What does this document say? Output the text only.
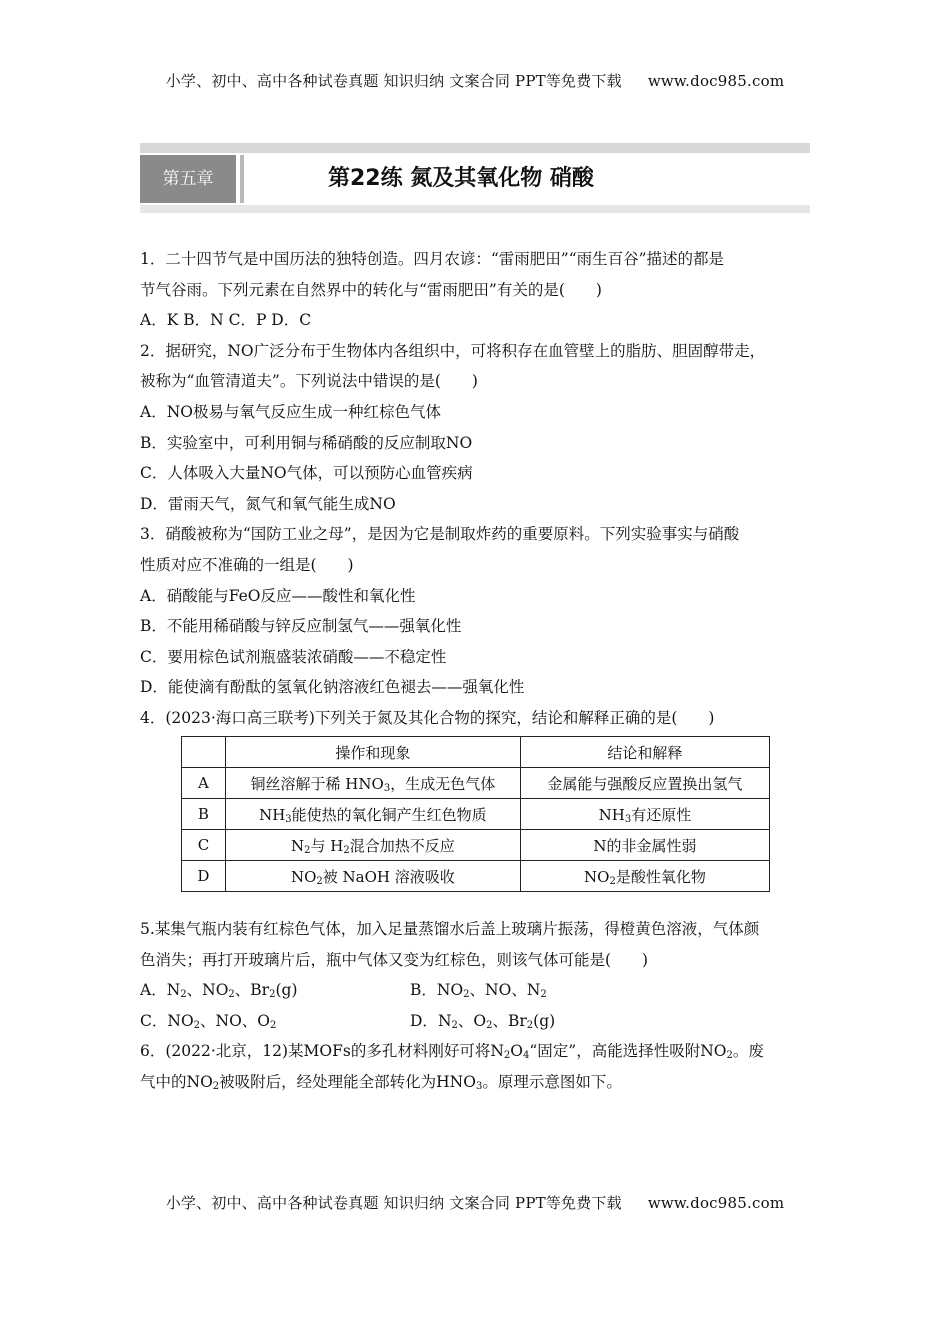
小学、初中、高中各种试卷真题 知识归纳 文案合同 PPT等免费下载 www.doc985.com
第五章	第22练 氮及其氧化物 硝酸
1．二十四节气是中国历法的独特创造。四月农谚：“雷雨肥田”“雨生百谷”描述的都是
节气谷雨。下列元素在自然界中的转化与“雷雨肥田”有关的是(　　)
A．K B．N C．P D．C
2．据研究，NO广泛分布于生物体内各组织中，可将积存在血管壁上的脂肪、胆固醇带走，
被称为“血管清道夫”。下列说法中错误的是(　　)
A．NO极易与氧气反应生成一种红棕色气体
B．实验室中，可利用铜与稀硝酸的反应制取NO
C．人体吸入大量NO气体，可以预防心血管疾病
D．雷雨天气，氮气和氧气能生成NO
3．硝酸被称为“国防工业之母”，是因为它是制取炸药的重要原料。下列实验事实与硝酸
性质对应不准确的一组是(　　)
A．硝酸能与FeO反应——酸性和氧化性
B．不能用稀硝酸与锌反应制氢气——强氧化性
C．要用棕色试剂瓶盛装浓硝酸——不稳定性
D．能使滴有酚酞的氢氧化钠溶液红色褪去——强氧化性
4．(2023·海口高三联考)下列关于氮及其化合物的探究，结论和解释正确的是(　　)
	操作和现象	结论和解释
A	铜丝溶解于稀 $HNO_3$，生成无色气体	金属能与强酸反应置换出氢气
B	$NH_3$能使热的氧化铜产生红色物质	$NH_3$有还原性
C	$N_2$与 $H_2$混合加热不反应	N的非金属性弱
D	$NO_2$被 NaOH 溶液吸收	$NO_2$是酸性氧化物
5.某集气瓶内装有红棕色气体，加入足量蒸馏水后盖上玻璃片振荡，得橙黄色溶液，气体颜
色消失；再打开玻璃片后，瓶中气体又变为红棕色，则该气体可能是(　　)
A．$N_2$、$NO_2$、$Br_2(g)$	B．$NO_2$、NO、$N_2$
C．$NO_2$、NO、$O_2$	D．$N_2$、$O_2$、$Br_2(g)$
6．(2022·北京，12)某MOFs的多孔材料刚好可将$N_2O_4“$固定”，高能选择性吸附$NO_2$。废
气中的$NO_2$被吸附后，经处理能全部转化为$HNO_3$。原理示意图如下。
小学、初中、高中各种试卷真题 知识归纳 文案合同 PPT等免费下载 www.doc985.com
